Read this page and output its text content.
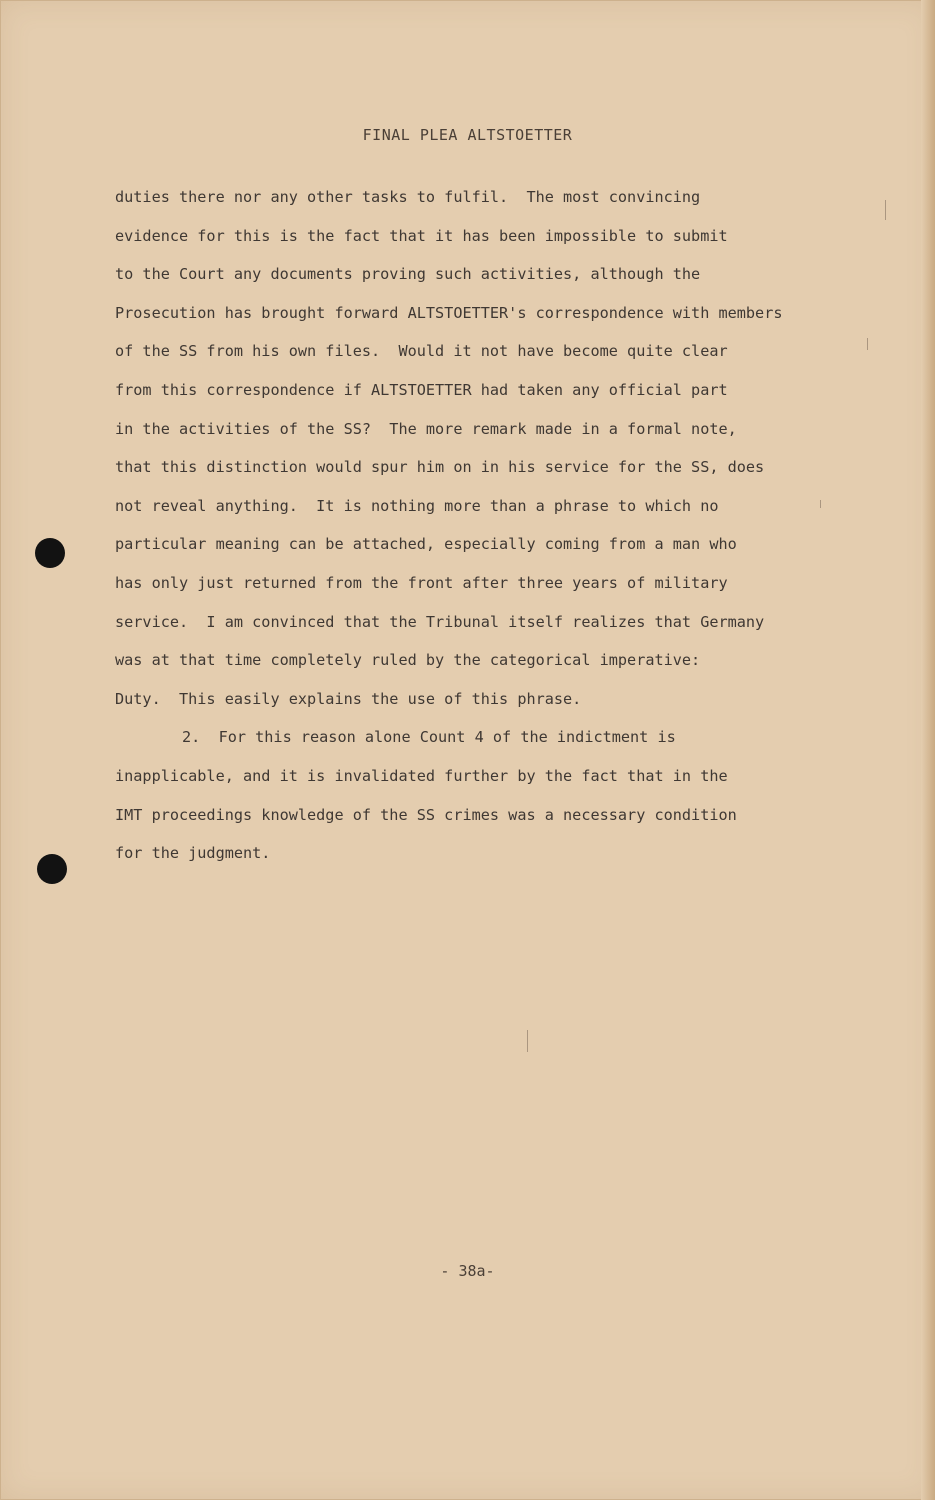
FINAL PLEA ALTSTOETTER
duties there nor any other tasks to fulfil.  The most convincing
evidence for this is the fact that it has been impossible to submit
to the Court any documents proving such activities, although the
Prosecution has brought forward ALTSTOETTER's correspondence with members
of the SS from his own files.  Would it not have become quite clear
from this correspondence if ALTSTOETTER had taken any official part
in the activities of the SS?  The more remark made in a formal note,
that this distinction would spur him on in his service for the SS, does
not reveal anything.  It is nothing more than a phrase to which no
particular meaning can be attached, especially coming from a man who
has only just returned from the front after three years of military
service.  I am convinced that the Tribunal itself realizes that Germany
was at that time completely ruled by the categorical imperative:
Duty.  This easily explains the use of this phrase.
2.  For this reason alone Count 4 of the indictment is
inapplicable, and it is invalidated further by the fact that in the
IMT proceedings knowledge of the SS crimes was a necessary condition
for the judgment.
- 38a-
